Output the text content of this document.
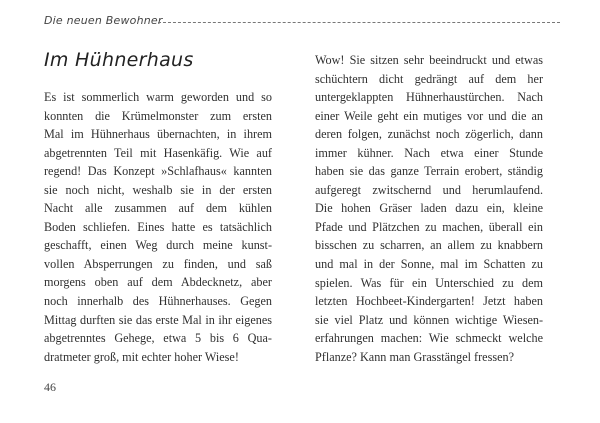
Die neuen Bewohner
Im Hühnerhaus
Es ist sommerlich warm geworden und so
konnten die Krümelmonster zum ersten
Mal im Hühnerhaus übernachten, in ihrem
abgetrennten Teil mit Hasenkäfig. Wie auf
regend! Das Konzept »Schlafhaus« kannten
sie noch nicht, weshalb sie in der ersten
Nacht alle zusammen auf dem kühlen
Boden schliefen. Eines hatte es tatsächlich
geschafft, einen Weg durch meine kunst-
vollen Absperrungen zu finden, und saß
morgens oben auf dem Abdecknetz, aber
noch innerhalb des Hühnerhauses. Gegen
Mittag durften sie das erste Mal in ihr eigenes
abgetrenntes Gehege, etwa 5 bis 6 Qua-
dratmeter groß, mit echter hoher Wiese!
Wow! Sie sitzen sehr beeindruckt und etwas
schüchtern dicht gedrängt auf dem her
untergeklappten Hühnerhaustürchen. Nach
einer Weile geht ein mutiges vor und die an
deren folgen, zunächst noch zögerlich, dann
immer kühner. Nach etwa einer Stunde
haben sie das ganze Terrain erobert, ständig
aufgeregt zwitschernd und herumlaufend.
Die hohen Gräser laden dazu ein, kleine
Pfade und Plätzchen zu machen, überall ein
bisschen zu scharren, an allem zu knabbern
und mal in der Sonne, mal im Schatten zu
spielen. Was für ein Unterschied zu dem
letzten Hochbeet-Kindergarten! Jetzt haben
sie viel Platz und können wichtige Wiesen-
erfahrungen machen: Wie schmeckt welche
Pflanze? Kann man Grasstängel fressen?
46
